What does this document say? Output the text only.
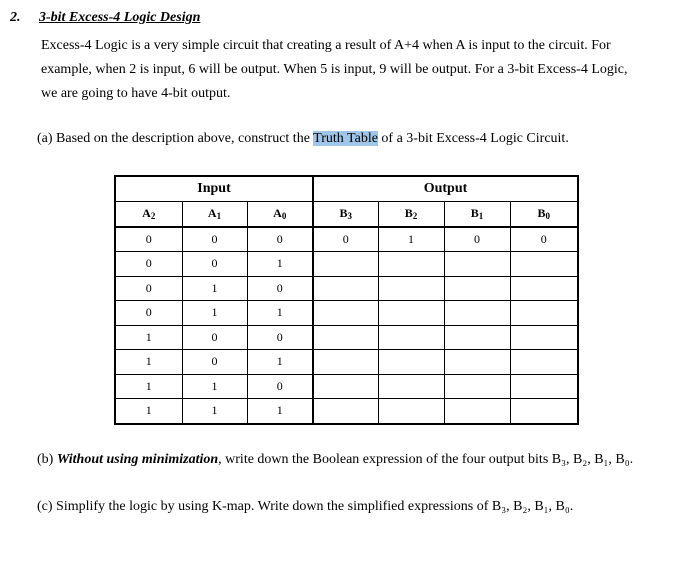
2. 3-bit Excess-4 Logic Design
Excess-4 Logic is a very simple circuit that creating a result of A+4 when A is input to the circuit. For
example, when 2 is input, 6 will be output. When 5 is input, 9 will be output. For a 3-bit Excess-4 Logic,
we are going to have 4-bit output.
(a) Based on the description above, construct the Truth Table of a 3-bit Excess-4 Logic Circuit.
Input			Output			
$A_2$	$A_1$	$A_0$	$B_3$	$B_2$	$B_1$	$B_0$
0	0	0	0	1	0	0
0	0	1				
0	1	0				
0	1	1				
1	0	0				
1	0	1				
1	1	0				
1	1	1				
(b) Without using minimization, write down the Boolean expression of the four output bits B₃, B₂, B₁, B₀.
(c) Simplify the logic by using K-map. Write down the simplified expressions of B₃, B₂, B₁, B₀.
